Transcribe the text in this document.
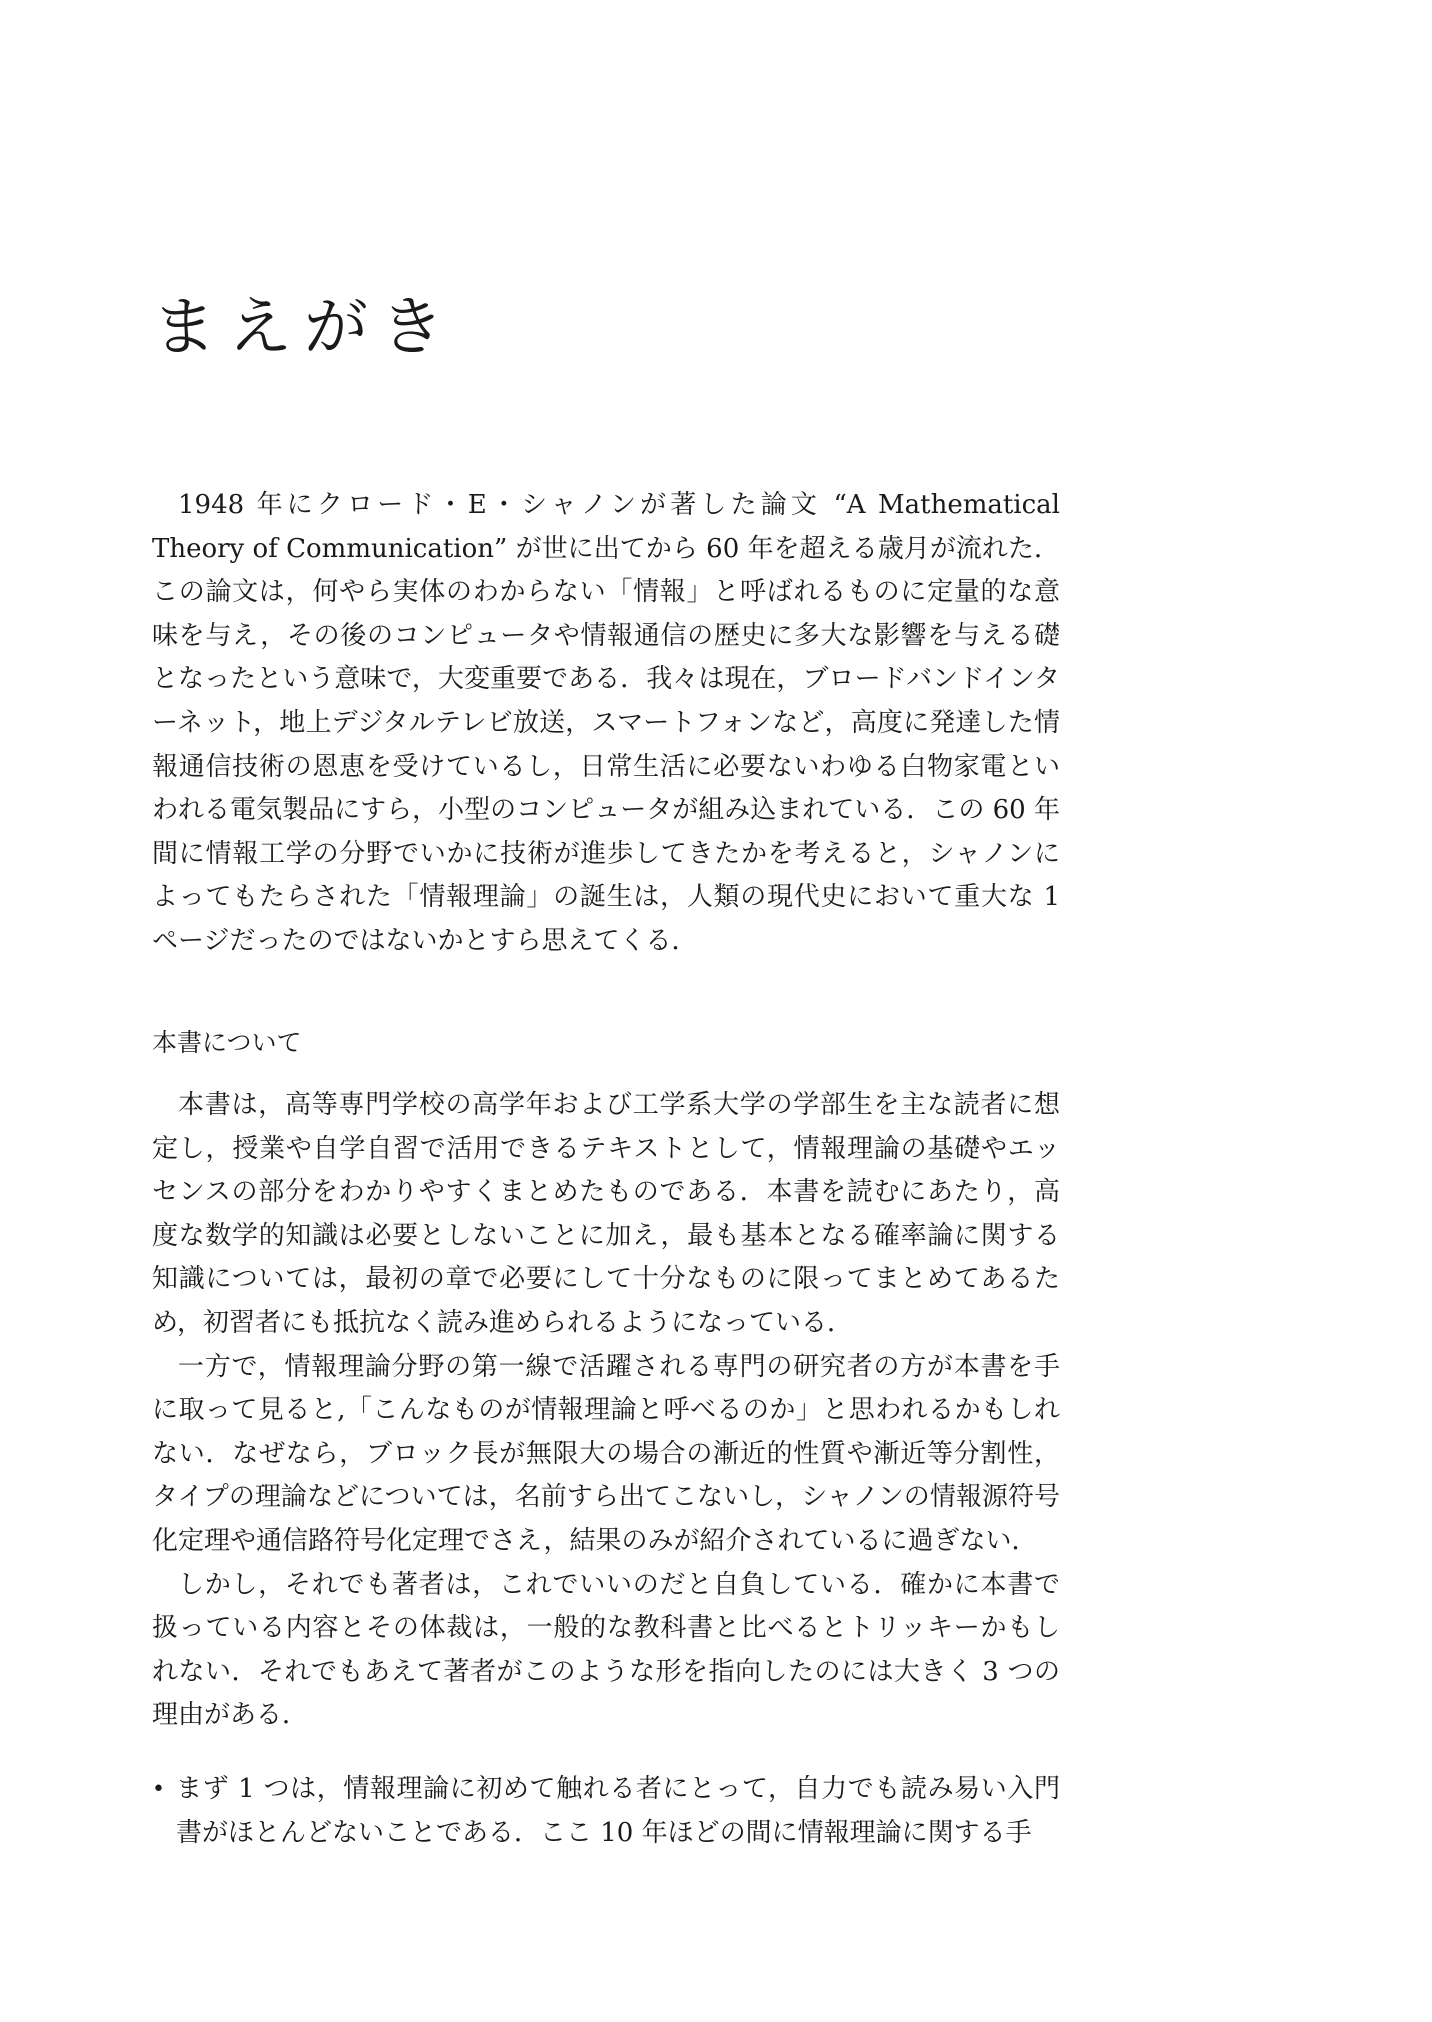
まえがき

1948 年にクロード・E・シャノンが著した論文 “A Mathematical Theory of Communication” が世に出てから 60 年を超える歳月が流れた．この論文は，何やら実体のわからない「情報」と呼ばれるものに定量的な意味を与え，その後のコンピュータや情報通信の歴史に多大な影響を与える礎となったという意味で，大変重要である．我々は現在，ブロードバンドインターネット，地上デジタルテレビ放送，スマートフォンなど，高度に発達した情報通信技術の恩恵を受けているし，日常生活に必要ないわゆる白物家電といわれる電気製品にすら，小型のコンピュータが組み込まれている．この 60 年間に情報工学の分野でいかに技術が進歩してきたかを考えると，シャノンによってもたらされた「情報理論」の誕生は，人類の現代史において重大な 1 ページだったのではないかとすら思えてくる．

本書について

本書は，高等専門学校の高学年および工学系大学の学部生を主な読者に想定し，授業や自学自習で活用できるテキストとして，情報理論の基礎やエッセンスの部分をわかりやすくまとめたものである．本書を読むにあたり，高度な数学的知識は必要としないことに加え，最も基本となる確率論に関する知識については，最初の章で必要にして十分なものに限ってまとめてあるため，初習者にも抵抗なく読み進められるようになっている．

一方で，情報理論分野の第一線で活躍される専門の研究者の方が本書を手に取って見ると,「こんなものが情報理論と呼べるのか」と思われるかもしれない．なぜなら，ブロック長が無限大の場合の漸近的性質や漸近等分割性，タイプの理論などについては，名前すら出てこないし，シャノンの情報源符号化定理や通信路符号化定理でさえ，結果のみが紹介されているに過ぎない．

しかし，それでも著者は，これでいいのだと自負している．確かに本書で扱っている内容とその体裁は，一般的な教科書と比べるとトリッキーかもしれない．それでもあえて著者がこのような形を指向したのには大きく 3 つの理由がある．

• まず 1 つは，情報理論に初めて触れる者にとって，自力でも読み易い入門書がほとんどないことである．ここ 10 年ほどの間に情報理論に関する手
